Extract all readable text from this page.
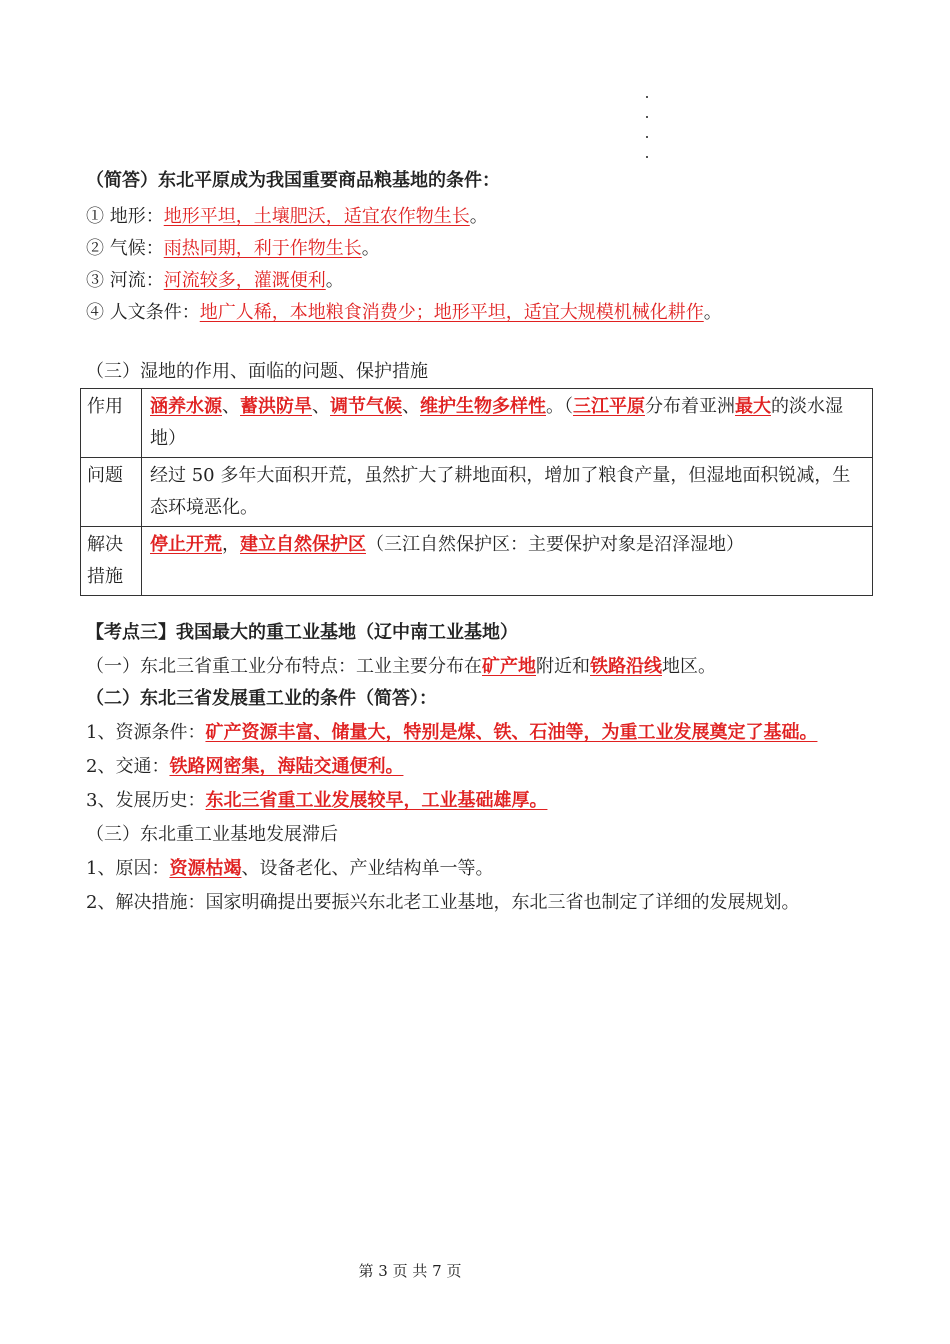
（简答）东北平原成为我国重要商品粮基地的条件：
① 地形：地形平坦，土壤肥沃，适宜农作物生长。
② 气候：雨热同期，利于作物生长。
③ 河流：河流较多，灌溉便利。
④ 人文条件：地广人稀，本地粮食消费少；地形平坦，适宜大规模机械化耕作。
（三）湿地的作用、面临的问题、保护措施
作用	涵养水源、蓄洪防旱、调节气候、维护生物多样性。（三江平原分布着亚洲最大的淡水湿地）
问题	经过 50 多年大面积开荒，虽然扩大了耕地面积，增加了粮食产量，但湿地面积锐减，生态环境恶化。
解决措施	停止开荒，建立自然保护区（三江自然保护区：主要保护对象是沼泽湿地）
【考点三】我国最大的重工业基地（辽中南工业基地）
（一）东北三省重工业分布特点：工业主要分布在矿产地附近和铁路沿线地区。
（二）东北三省发展重工业的条件（简答）：
1、资源条件：矿产资源丰富、储量大，特别是煤、铁、石油等，为重工业发展奠定了基础。
2、交通：铁路网密集，海陆交通便利。
3、发展历史：东北三省重工业发展较早，工业基础雄厚。
（三）东北重工业基地发展滞后
1、原因：资源枯竭、设备老化、产业结构单一等。
2、解决措施：国家明确提出要振兴东北老工业基地，东北三省也制定了详细的发展规划。
第 3 页 共 7 页
